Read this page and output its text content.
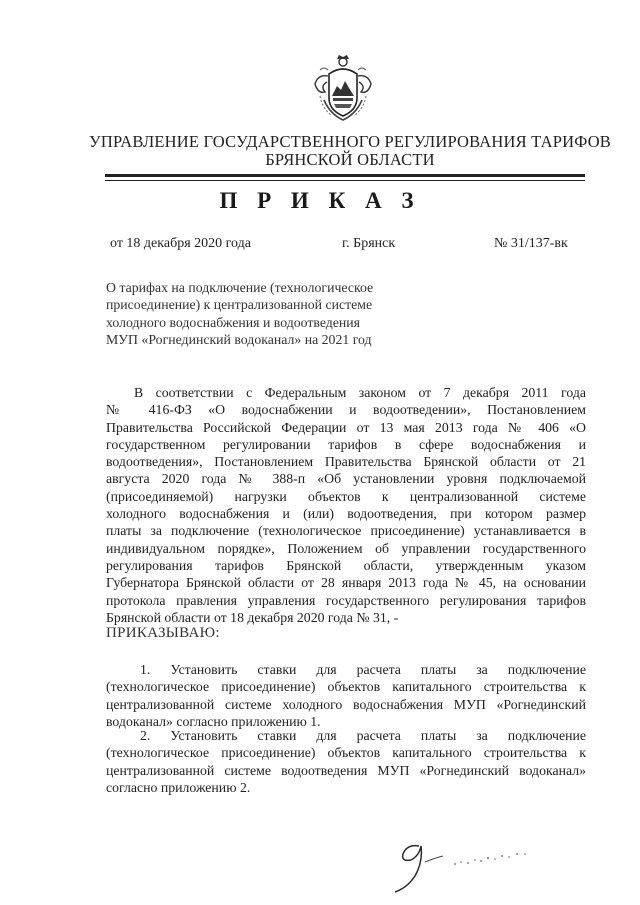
УПРАВЛЕНИЕ ГОСУДАРСТВЕННОГО РЕГУЛИРОВАНИЯ ТАРИФОВ
БРЯНСКОЙ ОБЛАСТИ
П Р И К А З
от 18 декабря 2020 года	г. Брянск	№ 31/137-вк
О тарифах на подключение (технологическое
присоединение) к централизованной системе
холодного водоснабжения и водоотведения
МУП «Рогнединский водоканал» на 2021 год
В соответствии с Федеральным законом от 7 декабря 2011 года
№ 416-ФЗ «О водоснабжении и водоотведении», Постановлением
Правительства Российской Федерации от 13 мая 2013 года № 406 «О
государственном регулировании тарифов в сфере водоснабжения и
водоотведения», Постановлением Правительства Брянской области от 21
августа 2020 года № 388-п «Об установлении уровня подключаемой
(присоединяемой) нагрузки объектов к централизованной системе
холодного водоснабжения и (или) водоотведения, при котором размер
платы за подключение (технологическое присоединение) устанавливается в
индивидуальном порядке», Положением об управлении государственного
регулирования тарифов Брянской области, утвержденным указом
Губернатора Брянской области от 28 января 2013 года № 45, на основании
протокола правления управления государственного регулирования тарифов
Брянской области от 18 декабря 2020 года № 31, -
ПРИКАЗЫВАЮ:
1. Установить ставки для расчета платы за подключение
(технологическое присоединение) объектов капитального строительства к
централизованной системе холодного водоснабжения МУП «Рогнединский
водоканал» согласно приложению 1.
2. Установить ставки для расчета платы за подключение
(технологическое присоединение) объектов капитального строительства к
централизованной системе водоотведения МУП «Рогнединский водоканал»
согласно приложению 2.
